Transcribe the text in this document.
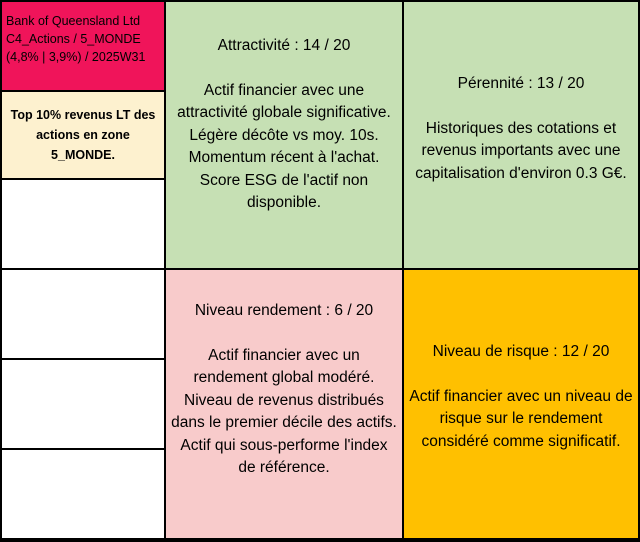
Bank of Queensland Ltd
C4_Actions / 5_MONDE
(4,8% | 3,9%) / 2025W31
Top 10% revenus LT des
actions en zone 5_MONDE.
Attractivité : 14 / 20
Actif financier avec une
attractivité globale significative.
Légère décôte vs moy. 10s.
Momentum récent à l'achat.
Score ESG de l'actif non
disponible.
Pérennité : 13 / 20
Historiques des cotations et
revenus importants avec une
capitalisation d'environ 0.3 G€.
Niveau rendement : 6 / 20
Actif financier avec un
rendement global modéré.
Niveau de revenus distribués
dans le premier décile des actifs.
Actif qui sous-performe l'index
de référence.
Niveau de risque : 12 / 20
Actif financier avec un niveau de
risque sur le rendement
considéré comme significatif.
